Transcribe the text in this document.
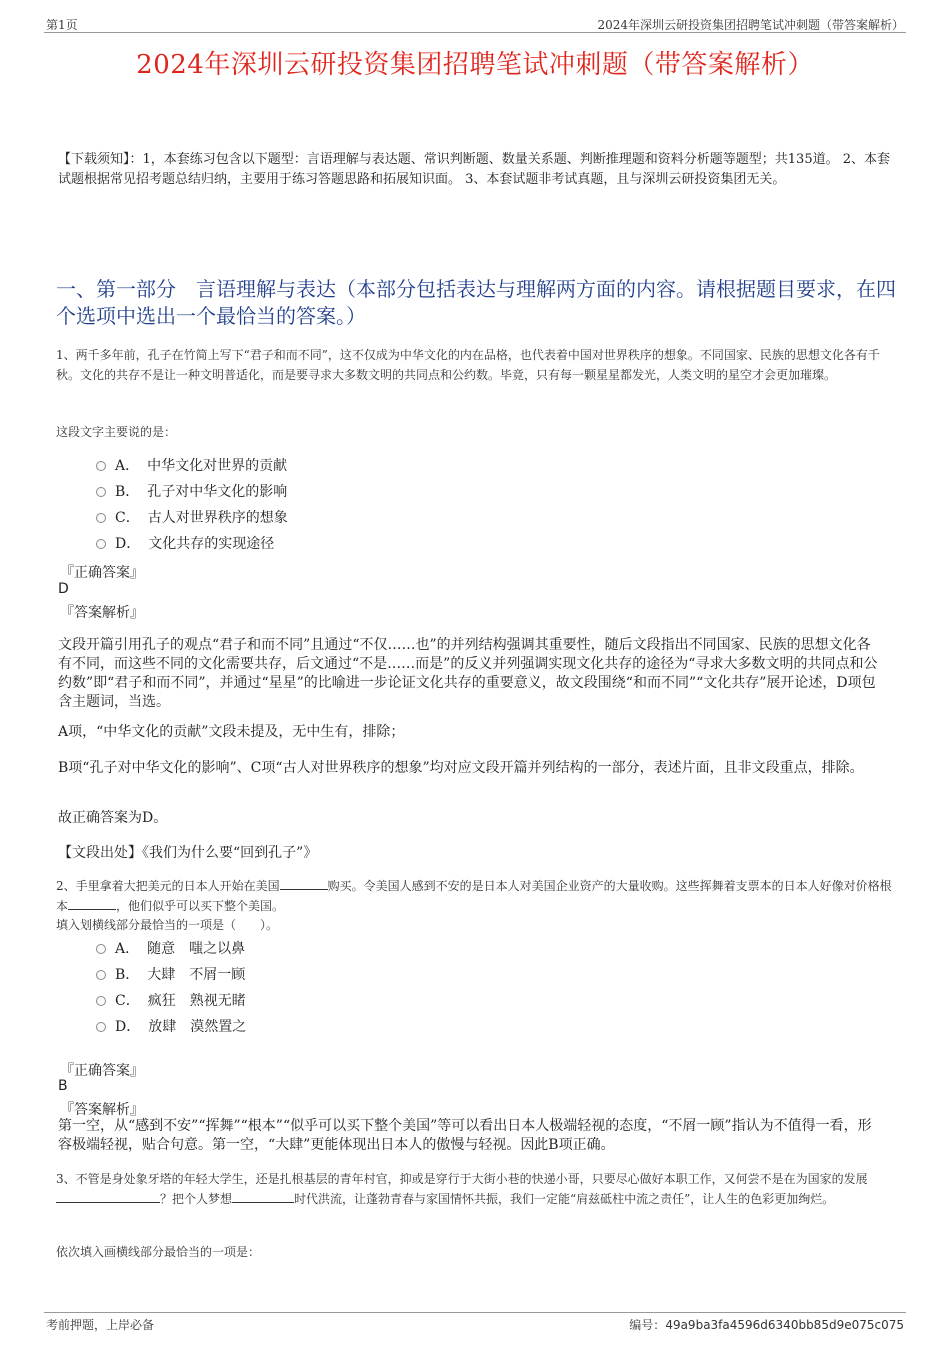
第1页	2024年深圳云研投资集团招聘笔试冲刺题（带答案解析）
2024年深圳云研投资集团招聘笔试冲刺题（带答案解析）
【下载须知】：1，本套练习包含以下题型：言语理解与表达题、常识判断题、数量关系题、判断推理题和资料分析题等题型；共135道。 2、本套试题根据常见招考题总结归纳，主要用于练习答题思路和拓展知识面。 3、本套试题非考试真题，且与深圳云研投资集团无关。
一、第一部分　言语理解与表达（本部分包括表达与理解两方面的内容。请根据题目要求，在四个选项中选出一个最恰当的答案。）
1、两千多年前，孔子在竹简上写下“君子和而不同”，这不仅成为中华文化的内在品格，也代表着中国对世界秩序的想象。不同国家、民族的思想文化各有千秋。文化的共存不是让一种文明普适化，而是要寻求大多数文明的共同点和公约数。毕竟，只有每一颗星星都发光，人类文明的星空才会更加璀璨。
这段文字主要说的是：
A． 中华文化对世界的贡献
B． 孔子对中华文化的影响
C． 古人对世界秩序的想象
D． 文化共存的实现途径
『正确答案』
D
『答案解析』
文段开篇引用孔子的观点“君子和而不同”且通过“不仅……也”的并列结构强调其重要性，随后文段指出不同国家、民族的思想文化各有不同，而这些不同的文化需要共存，后文通过“不是……而是”的反义并列强调实现文化共存的途径为“寻求大多数文明的共同点和公约数”即“君子和而不同”，并通过“星星”的比喻进一步论证文化共存的重要意义，故文段围绕“和而不同”“文化共存”展开论述，D项包含主题词，当选。
A项，“中华文化的贡献”文段未提及，无中生有，排除；
B项“孔子对中华文化的影响”、C项“古人对世界秩序的想象”均对应文段开篇并列结构的一部分，表述片面，且非文段重点，排除。
故正确答案为D。
【文段出处】《我们为什么要“回到孔子”》
2、手里拿着大把美元的日本人开始在美国	购买。令美国人感到不安的是日本人对美国企业资产的大量收购。这些挥舞着支票本的日本人好像对价格根本	，他们似乎可以买下整个美国。
填入划横线部分最恰当的一项是（　　）。
A． 随意　嗤之以鼻
B． 大肆　不屑一顾
C． 疯狂　熟视无睹
D． 放肆　漠然置之
『正确答案』
B
『答案解析』
第一空，从“感到不安”“挥舞”“根本”“似乎可以买下整个美国”等可以看出日本人极端轻视的态度，“不屑一顾”指认为不值得一看，形容极端轻视，贴合句意。第一空，“大肆”更能体现出日本人的傲慢与轻视。因此B项正确。
3、不管是身处象牙塔的年轻大学生，还是扎根基层的青年村官，抑或是穿行于大街小巷的快递小哥，只要尽心做好本职工作，又何尝不是在为国家的发展？把个人梦想	时代洪流，让蓬勃青春与家国情怀共振，我们一定能“肩兹砥柱中流之责任”，让人生的色彩更加绚烂。
依次填入画横线部分最恰当的一项是：
考前押题，上岸必备	编号：49a9ba3fa4596d6340bb85d9e075c075
